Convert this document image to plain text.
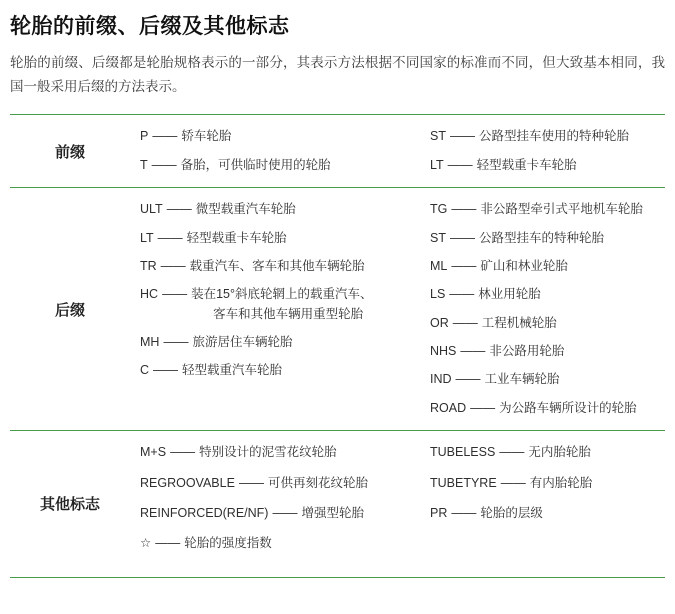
轮胎的前缀、后缀及其他标志

轮胎的前缀、后缀都是轮胎规格表示的一部分，其表示方法根据不同国家的标准而不同，但大致基本相同，我国一般采用后缀的方法表示。

前缀
P —— 轿车轮胎
T —— 备胎，可供临时使用的轮胎
ST —— 公路型挂车使用的特种轮胎
LT —— 轻型载重卡车轮胎
后缀
ULT —— 微型载重汽车轮胎
LT —— 轻型载重卡车轮胎
TR —— 载重汽车、客车和其他车辆轮胎
HC —— 装在15°斜底轮辋上的载重汽车、
客车和其他车辆用重型轮胎
MH —— 旅游居住车辆轮胎
C —— 轻型载重汽车轮胎
TG —— 非公路型牵引式平地机车轮胎
ST —— 公路型挂车的特种轮胎
ML —— 矿山和林业轮胎
LS —— 林业用轮胎
OR —— 工程机械轮胎
NHS —— 非公路用轮胎
IND —— 工业车辆轮胎
ROAD —— 为公路车辆所设计的轮胎
其他标志
M+S —— 特别设计的泥雪花纹轮胎
REGROOVABLE —— 可供再刻花纹轮胎
REINFORCED(RE/NF) —— 增强型轮胎
☆ —— 轮胎的强度指数
TUBELESS —— 无内胎轮胎
TUBETYRE —— 有内胎轮胎
PR —— 轮胎的层级
